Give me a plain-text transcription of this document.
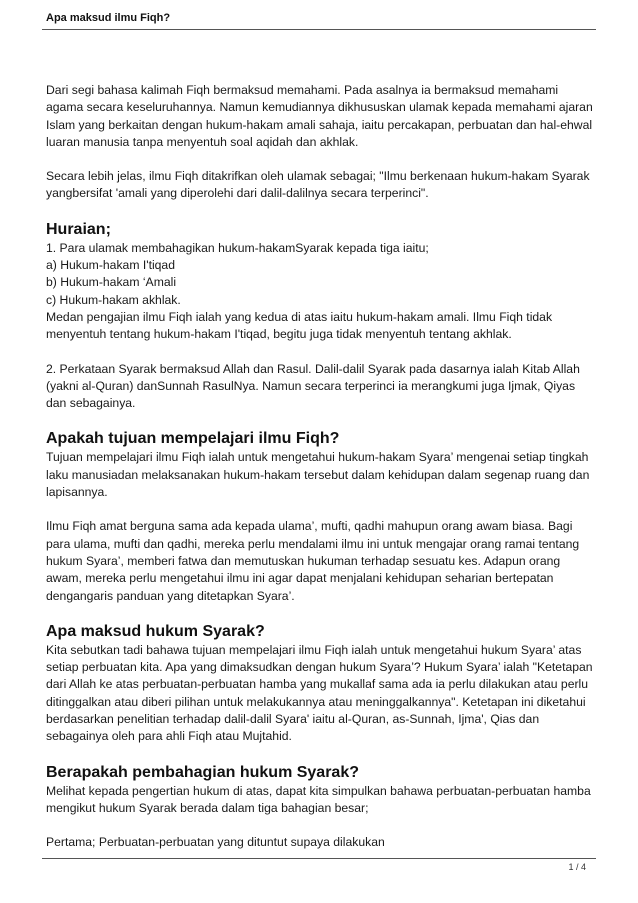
Apa maksud ilmu Fiqh?

Dari segi bahasa kalimah Fiqh bermaksud memahami. Pada asalnya ia bermaksud memahami agama secara keseluruhannya. Namun kemudiannya dikhususkan ulamak kepada memahami ajaran Islam yang berkaitan dengan hukum-hakam amali sahaja, iaitu percakapan, perbuatan dan hal-ehwal luaran manusia tanpa menyentuh soal aqidah dan akhlak.

Secara lebih jelas, ilmu Fiqh ditakrifkan oleh ulamak sebagai; "Ilmu berkenaan hukum-hakam Syarak yangbersifat 'amali yang diperolehi dari dalil-dalilnya secara terperinci".

Huraian;
1. Para ulamak membahagikan hukum-hakamSyarak kepada tiga iaitu;
a) Hukum-hakam I'tiqad
b) Hukum-hakam ‘Amali
c) Hukum-hakam akhlak.

Medan pengajian ilmu Fiqh ialah yang kedua di atas iaitu hukum-hakam amali. Ilmu Fiqh tidak menyentuh tentang hukum-hakam I'tiqad, begitu juga tidak menyentuh tentang akhlak.

2. Perkataan Syarak bermaksud Allah dan Rasul. Dalil-dalil Syarak pada dasarnya ialah Kitab Allah (yakni al-Quran) danSunnah RasulNya. Namun secara terperinci ia merangkumi juga Ijmak, Qiyas dan sebagainya.

Apakah tujuan mempelajari ilmu Fiqh?

Tujuan mempelajari ilmu Fiqh ialah untuk mengetahui hukum-hakam Syara’ mengenai setiap tingkah laku manusiadan melaksanakan hukum-hakam tersebut dalam kehidupan dalam segenap ruang dan lapisannya.

Ilmu Fiqh amat berguna sama ada kepada ulama’, mufti, qadhi mahupun orang awam biasa. Bagi para ulama, mufti dan qadhi, mereka perlu mendalami ilmu ini untuk mengajar orang ramai tentang hukum Syara’, memberi fatwa dan memutuskan hukuman terhadap sesuatu kes. Adapun orang awam, mereka perlu mengetahui ilmu ini agar dapat menjalani kehidupan seharian bertepatan dengangaris panduan yang ditetapkan Syara’.

Apa maksud hukum Syarak?

Kita sebutkan tadi bahawa tujuan mempelajari ilmu Fiqh ialah untuk mengetahui hukum Syara’ atas setiap perbuatan kita. Apa yang dimaksudkan dengan hukum Syara’? Hukum Syara’ ialah "Ketetapan dari Allah ke atas perbuatan-perbuatan hamba yang mukallaf sama ada ia perlu dilakukan atau perlu ditinggalkan atau diberi pilihan untuk melakukannya atau meninggalkannya". Ketetapan ini diketahui berdasarkan penelitian terhadap dalil-dalil Syara' iaitu al-Quran, as-Sunnah, Ijma', Qias dan sebagainya oleh para ahli Fiqh atau Mujtahid.

Berapakah pembahagian hukum Syarak?

Melihat kepada pengertian hukum di atas, dapat kita simpulkan bahawa perbuatan-perbuatan hamba mengikut hukum Syarak berada dalam tiga bahagian besar;

Pertama; Perbuatan-perbuatan yang dituntut supaya dilakukan

1 / 4
